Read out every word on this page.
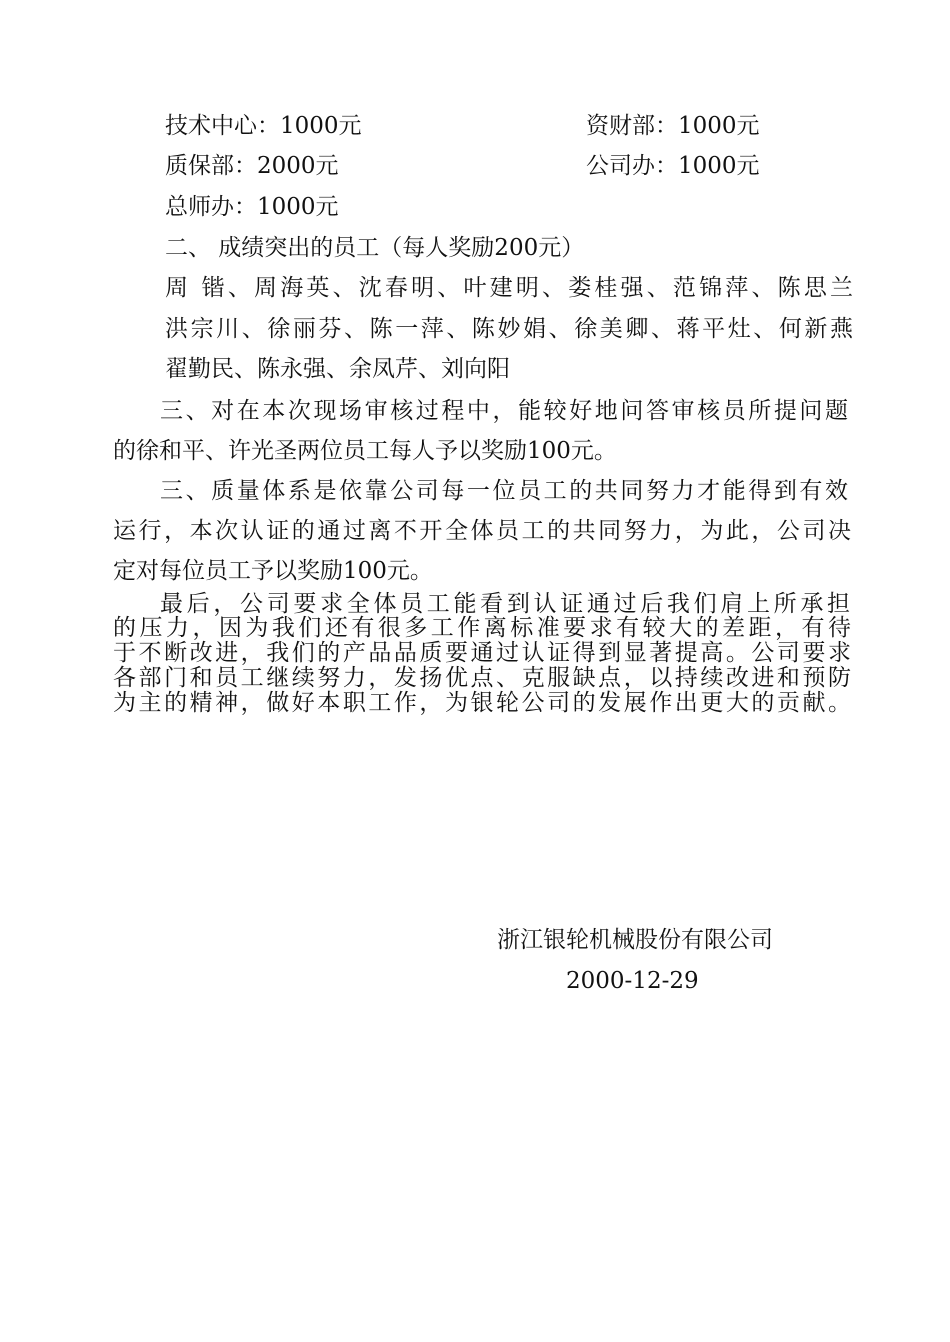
技术中心：1000元	资财部：1000元
质保部：2000元	公司办：1000元
总师办：1000元
二、 成绩突出的员工（每人奖励200元）
周 锴、周海英、沈春明、叶建明、娄桂强、范锦萍、陈思兰
洪宗川、徐丽芬、陈一萍、陈妙娟、徐美卿、蒋平灶、何新燕
翟勤民、陈永强、余凤芹、刘向阳
三、对在本次现场审核过程中，能较好地问答审核员所提问题
的徐和平、许光圣两位员工每人予以奖励100元。
三、质量体系是依靠公司每一位员工的共同努力才能得到有效
运行，本次认证的通过离不开全体员工的共同努力，为此，公司决
定对每位员工予以奖励100元。
最后，公司要求全体员工能看到认证通过后我们肩上所承担
的压力，因为我们还有很多工作离标准要求有较大的差距，有待
于不断改进，我们的产品品质要通过认证得到显著提高。公司要求
各部门和员工继续努力，发扬优点、克服缺点，以持续改进和预防
为主的精神，做好本职工作，为银轮公司的发展作出更大的贡献。
浙江银轮机械股份有限公司
2000-12-29
